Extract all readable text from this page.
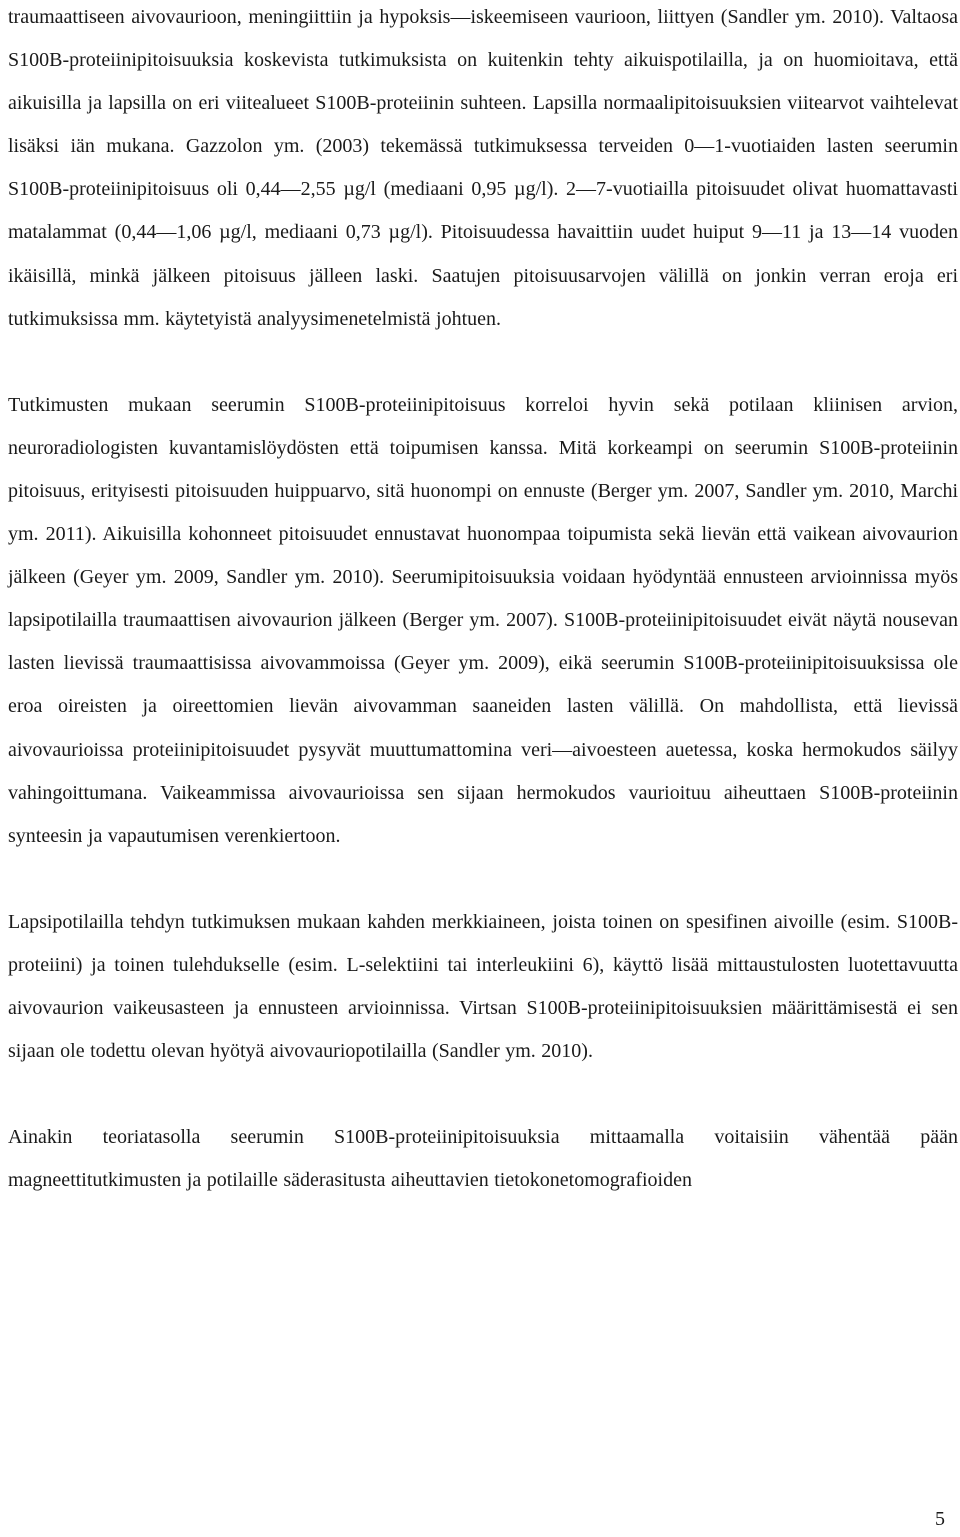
traumaattiseen aivovaurioon, meningiittiin ja hypoksis—iskeemiseen vaurioon, liittyen (Sandler ym. 2010). Valtaosa S100B-proteiinipitoisuuksia koskevista tutkimuksista on kuitenkin tehty aikuispotilailla, ja on huomioitava, että aikuisilla ja lapsilla on eri viitealueet S100B-proteiinin suhteen. Lapsilla normaalipitoisuuksien viitearvot vaihtelevat lisäksi iän mukana. Gazzolon ym. (2003) tekemässä tutkimuksessa terveiden 0—1-vuotiaiden lasten seerumin S100B-proteiinipitoisuus oli 0,44—2,55 µg/l (mediaani 0,95 µg/l). 2—7-vuotiailla pitoisuudet olivat huomattavasti matalammat (0,44—1,06 µg/l, mediaani 0,73 µg/l). Pitoisuudessa havaittiin uudet huiput 9—11 ja 13—14 vuoden ikäisillä, minkä jälkeen pitoisuus jälleen laski. Saatujen pitoisuusarvojen välillä on jonkin verran eroja eri tutkimuksissa mm. käytetyistä analyysimenetelmistä johtuen.

Tutkimusten mukaan seerumin S100B-proteiinipitoisuus korreloi hyvin sekä potilaan kliinisen arvion, neuroradiologisten kuvantamislöydösten että toipumisen kanssa. Mitä korkeampi on seerumin S100B-proteiinin pitoisuus, erityisesti pitoisuuden huippuarvo, sitä huonompi on ennuste (Berger ym. 2007, Sandler ym. 2010, Marchi ym. 2011). Aikuisilla kohonneet pitoisuudet ennustavat huonompaa toipumista sekä lievän että vaikean aivovaurion jälkeen (Geyer ym. 2009, Sandler ym. 2010). Seerumipitoisuuksia voidaan hyödyntää ennusteen arvioinnissa myös lapsipotilailla traumaattisen aivovaurion jälkeen (Berger ym. 2007). S100B-proteiinipitoisuudet eivät näytä nousevan lasten lievissä traumaattisissa aivovammoissa (Geyer ym. 2009), eikä seerumin S100B-proteiinipitoisuuksissa ole eroa oireisten ja oireettomien lievän aivovamman saaneiden lasten välillä. On mahdollista, että lievissä aivovaurioissa proteiinipitoisuudet pysyvät muuttumattomina veri—aivoesteen auetessa, koska hermokudos säilyy vahingoittumana. Vaikeammissa aivovaurioissa sen sijaan hermokudos vaurioituu aiheuttaen S100B-proteiinin synteesin ja vapautumisen verenkiertoon.

Lapsipotilailla tehdyn tutkimuksen mukaan kahden merkkiaineen, joista toinen on spesifinen aivoille (esim. S100B-proteiini) ja toinen tulehdukselle (esim. L-selektiini tai interleukiini 6), käyttö lisää mittaustulosten luotettavuutta aivovaurion vaikeusasteen ja ennusteen arvioinnissa. Virtsan S100B-proteiinipitoisuuksien määrittämisestä ei sen sijaan ole todettu olevan hyötyä aivovauriopotilailla (Sandler ym. 2010).

Ainakin teoriatasolla seerumin S100B-proteiinipitoisuuksia mittaamalla voitaisiin vähentää pään magneettitutkimusten ja potilaille säderasitusta aiheuttavien tietokonetomografioiden

5
